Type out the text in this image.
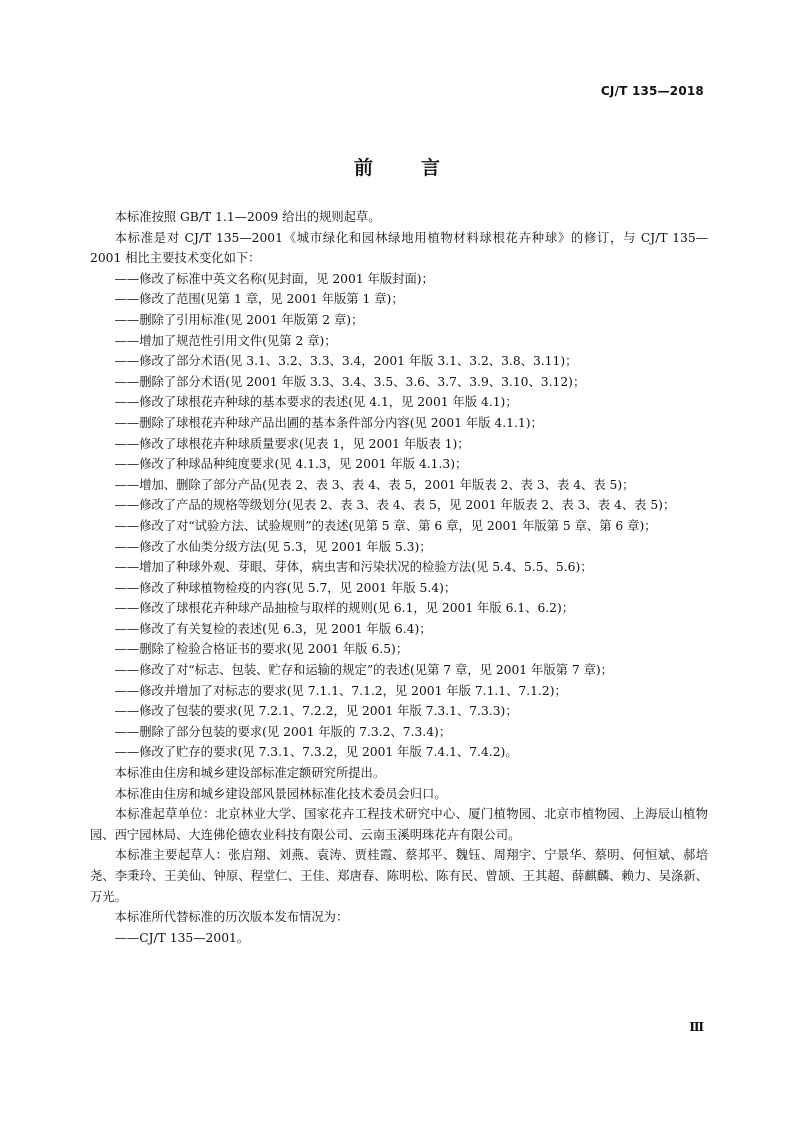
CJ/T 135—2018
前	言

本标准按照 GB/T 1.1—2009 给出的规则起草。

本标准是对 CJ/T 135—2001《城市绿化和园林绿地用植物材料球根花卉种球》的修订，与 CJ/T 135—2001 相比主要技术变化如下：

——修改了标准中英文名称(见封面，见 2001 年版封面)；

——修改了范围(见第 1 章，见 2001 年版第 1 章)；

——删除了引用标准(见 2001 年版第 2 章)；

——增加了规范性引用文件(见第 2 章)；

——修改了部分术语(见 3.1、3.2、3.3、3.4，2001 年版 3.1、3.2、3.8、3.11)；

——删除了部分术语(见 2001 年版 3.3、3.4、3.5、3.6、3.7、3.9、3.10、3.12)；

——修改了球根花卉种球的基本要求的表述(见 4.1，见 2001 年版 4.1)；

——删除了球根花卉种球产品出圃的基本条件部分内容(见 2001 年版 4.1.1)；

——修改了球根花卉种球质量要求(见表 1，见 2001 年版表 1)；

——修改了种球品种纯度要求(见 4.1.3，见 2001 年版 4.1.3)；

——增加、删除了部分产品(见表 2、表 3、表 4、表 5，2001 年版表 2、表 3、表 4、表 5)；

——修改了产品的规格等级划分(见表 2、表 3、表 4、表 5，见 2001 年版表 2、表 3、表 4、表 5)；

——修改了对“试验方法、试验规则”的表述(见第 5 章、第 6 章，见 2001 年版第 5 章、第 6 章)；

——修改了水仙类分级方法(见 5.3，见 2001 年版 5.3)；

——增加了种球外观、芽眼、芽体，病虫害和污染状况的检验方法(见 5.4、5.5、5.6)；

——修改了种球植物检疫的内容(见 5.7，见 2001 年版 5.4)；

——修改了球根花卉种球产品抽检与取样的规则(见 6.1，见 2001 年版 6.1、6.2)；

——修改了有关复检的表述(见 6.3，见 2001 年版 6.4)；

——删除了检验合格证书的要求(见 2001 年版 6.5)；

——修改了对“标志、包装、贮存和运输的规定”的表述(见第 7 章，见 2001 年版第 7 章)；

——修改并增加了对标志的要求(见 7.1.1、7.1.2，见 2001 年版 7.1.1、7.1.2)；

——修改了包装的要求(见 7.2.1、7.2.2，见 2001 年版 7.3.1、7.3.3)；

——删除了部分包装的要求(见 2001 年版的 7.3.2、7.3.4)；

——修改了贮存的要求(见 7.3.1、7.3.2，见 2001 年版 7.4.1、7.4.2)。

本标准由住房和城乡建设部标准定额研究所提出。

本标准由住房和城乡建设部风景园林标准化技术委员会归口。

本标准起草单位：北京林业大学、国家花卉工程技术研究中心、厦门植物园、北京市植物园、上海辰山植物园、西宁园林局、大连佛伦德农业科技有限公司、云南玉溪明珠花卉有限公司。

本标准主要起草人：张启翔、刘燕、袁涛、贾桂霞、蔡邦平、魏钰、周翔宇、宁景华、蔡明、何恒斌、郝培尧、李秉玲、王美仙、钟原、程堂仁、王佳、郑唐春、陈明松、陈有民、曾颉、王其超、薛麒麟、赖力、吴涤新、万光。

本标准所代替标准的历次版本发布情况为：

——CJ/T 135—2001。

Ⅲ
